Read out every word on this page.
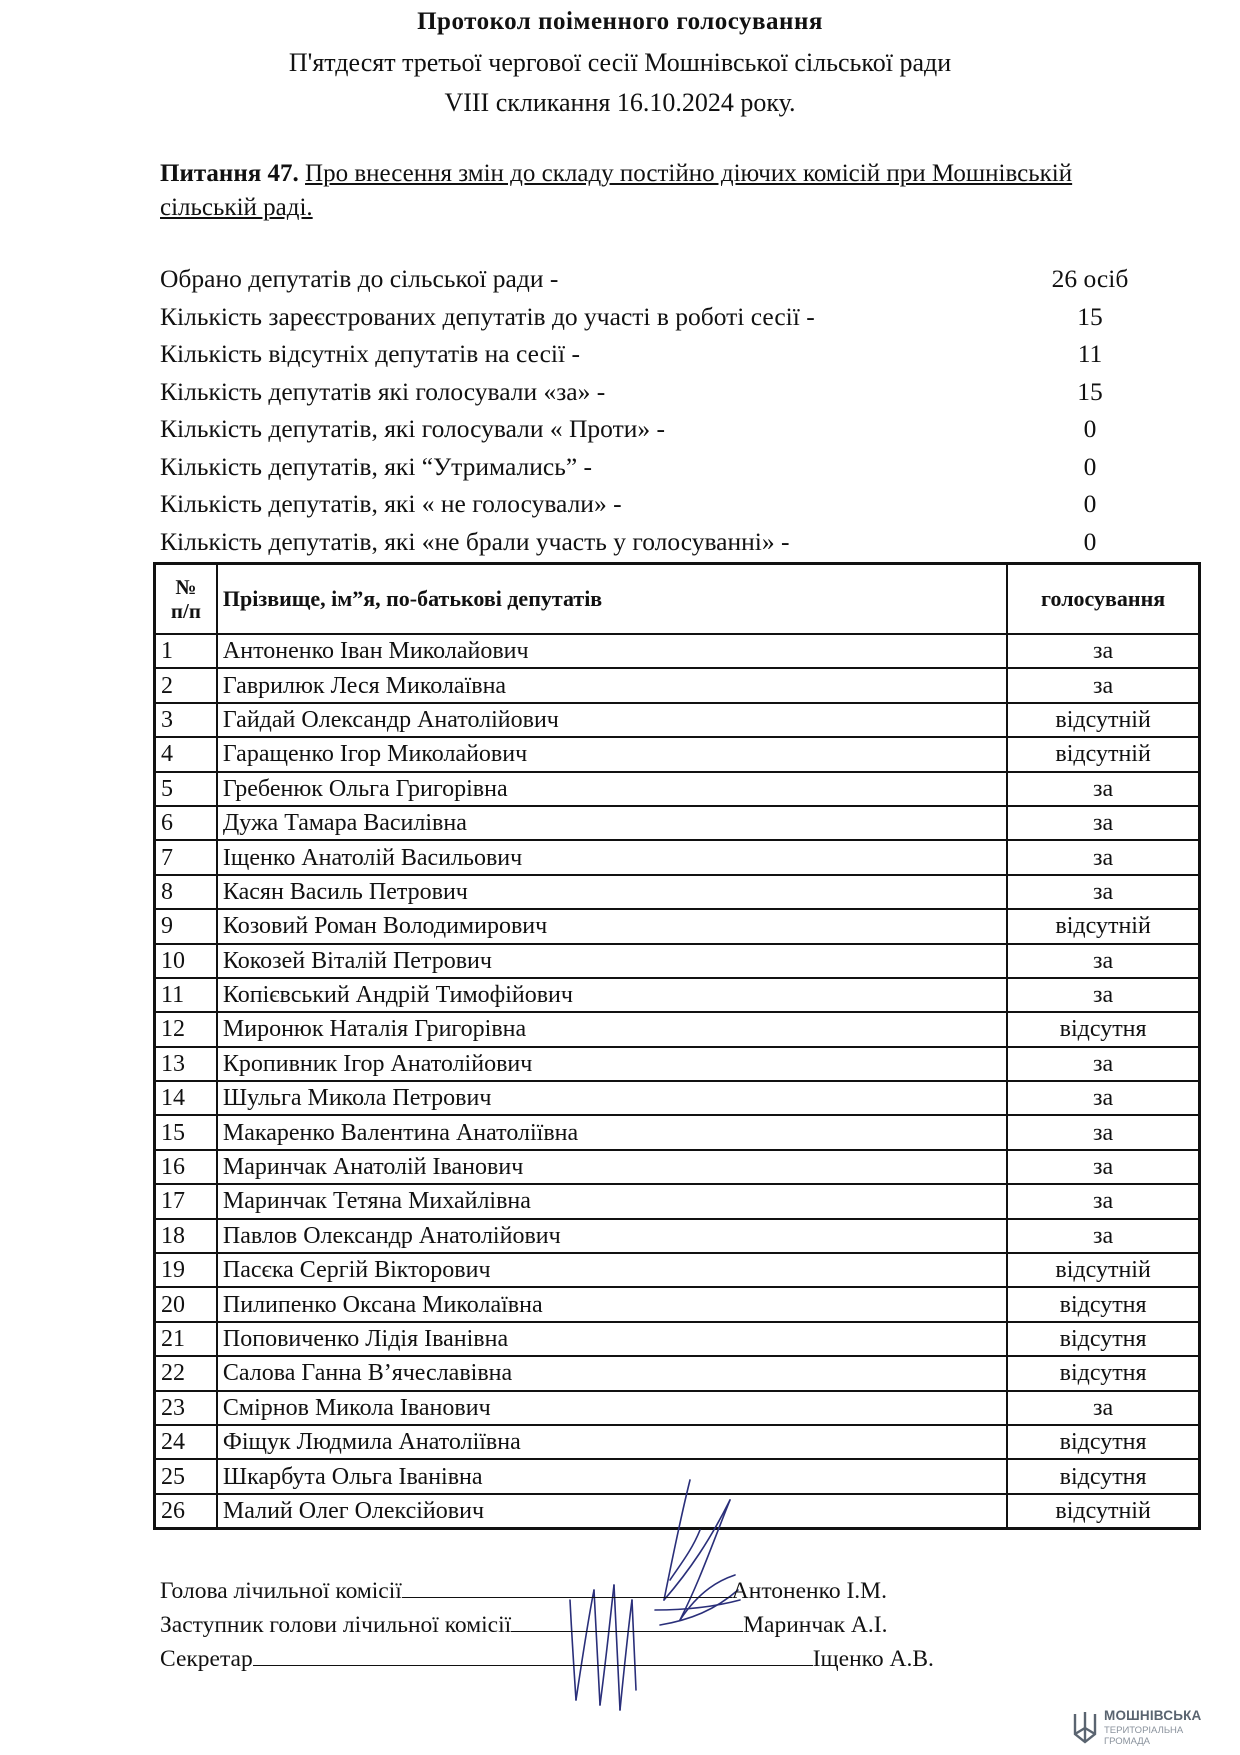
Протокол поіменного голосування
П'ятдесят третьої чергової сесії Мошнівської сільської ради
VIII скликання 16.10.2024 року.
Питання 47. Про внесення змін до складу постійно діючих комісій при Мошнівській сільській раді.
Обрано депутатів до сільської ради -	26 осіб
Кількість зареєстрованих депутатів до участі в роботі сесії -	15
Кількість відсутніх депутатів на сесії -	11
Кількість депутатів які голосували «за» -	15
Кількість депутатів, які голосували « Проти» -	0
Кількість депутатів, які “Утримались” -	0
Кількість депутатів, які « не голосували» -	0
Кількість депутатів, які «не брали участь у голосуванні» -	0
№
п/п	Прізвище, ім”я, по-батькові депутатів	голосування
1	Антоненко Іван Миколайович	за
2	Гаврилюк Леся Миколаївна	за
3	Гайдай Олександр Анатолійович	відсутній
4	Гаращенко Ігор Миколайович	відсутній
5	Гребенюк Ольга Григорівна	за
6	Дужа Тамара Василівна	за
7	Іщенко Анатолій Васильович	за
8	Касян Василь Петрович	за
9	Козовий Роман Володимирович	відсутній
10	Кокозей Віталій Петрович	за
11	Копієвський Андрій Тимофійович	за
12	Миронюк Наталія Григорівна	відсутня
13	Кропивник Ігор Анатолійович	за
14	Шульга Микола Петрович	за
15	Макаренко Валентина Анатоліївна	за
16	Маринчак Анатолій Іванович	за
17	Маринчак Тетяна Михайлівна	за
18	Павлов Олександр Анатолійович	за
19	Пасєка Сергій Вікторович	відсутній
20	Пилипенко Оксана Миколаївна	відсутня
21	Поповиченко Лідія Іванівна	відсутня
22	Салова Ганна В’ячеславівна	відсутня
23	Смірнов Микола Іванович	за
24	Фіщук Людмила Анатоліївна	відсутня
25	Шкарбута Ольга Іванівна	відсутня
26	Малий Олег Олексійович	відсутній
Голова лічильної комісії	Антоненко І.М.
Заступник голови лічильної комісії	Маринчак А.І.
Секретар	Іщенко А.В.
МОШНІВСЬКА
ТЕРИТОРІАЛЬНА
ГРОМАДА
